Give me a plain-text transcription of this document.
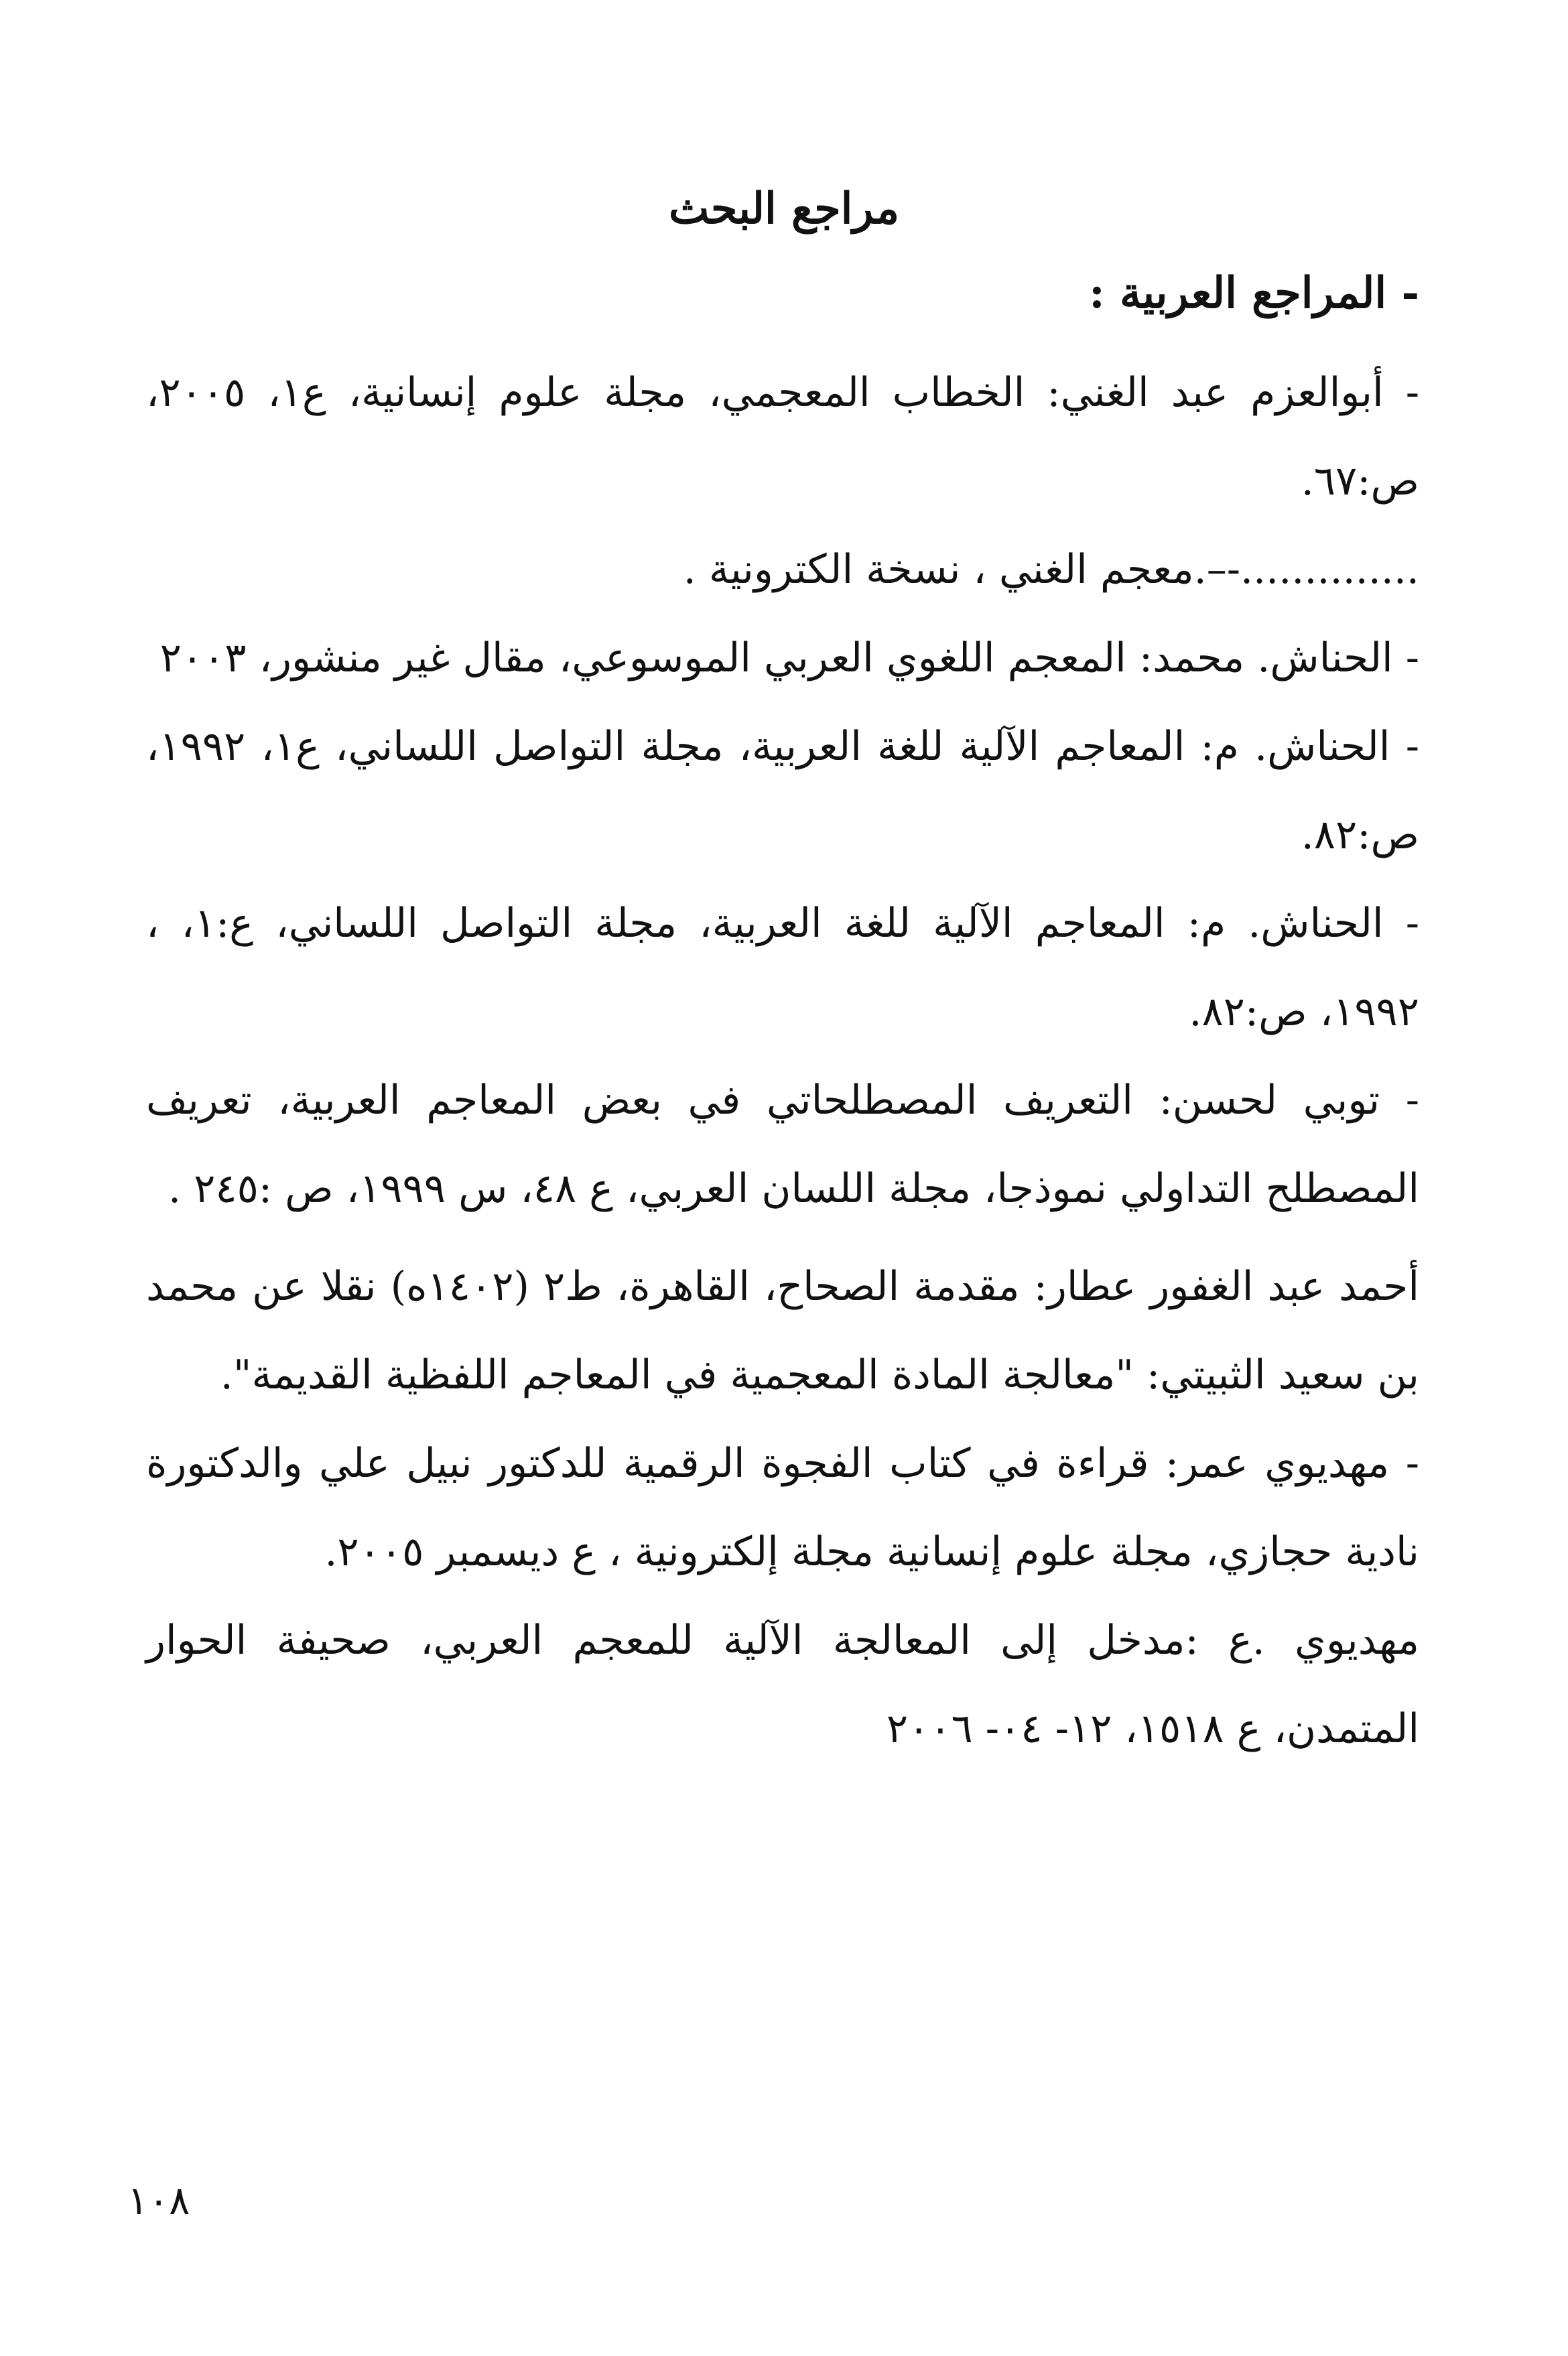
مراجع البحث
- المراجع العربية :

- أبوالعزم عبد الغني: الخطاب المعجمي، مجلة علوم إنسانية، ع١، ٢٠٠٥، ص:٦٧.

..............-–.معجم الغني ، نسخة الكترونية .

- الحناش. محمد: المعجم اللغوي العربي الموسوعي، مقال غير منشور، ٢٠٠٣

- الحناش. م: المعاجم الآلية للغة العربية، مجلة التواصل اللساني، ع١، ١٩٩٢، ص:٨٢.

- الحناش. م: المعاجم الآلية للغة العربية، مجلة التواصل اللساني، ع:١، ، ١٩٩٢، ص:٨٢.

- توبي لحسن: التعريف المصطلحاتي في بعض المعاجم العربية، تعريف المصطلح التداولي نموذجا، مجلة اللسان العربي، ع ٤٨، س ١٩٩٩، ص :٢٤٥ .

أحمد عبد الغفور عطار: مقدمة الصحاح، القاهرة، ط٢ (١٤٠٢ه) نقلا عن محمد بن سعيد الثبيتي: "معالجة المادة المعجمية في المعاجم اللفظية القديمة".

- مهديوي عمر: قراءة في كتاب الفجوة الرقمية للدكتور نبيل علي والدكتورة نادية حجازي، مجلة علوم إنسانية مجلة إلكترونية ، ع ديسمبر ٢٠٠٥.

مهديوي .ع :مدخل إلى المعالجة الآلية للمعجم العربي، صحيفة الحوار المتمدن، ع ١٥١٨، ١٢- ٠٤- ٢٠٠٦

١٠٨
